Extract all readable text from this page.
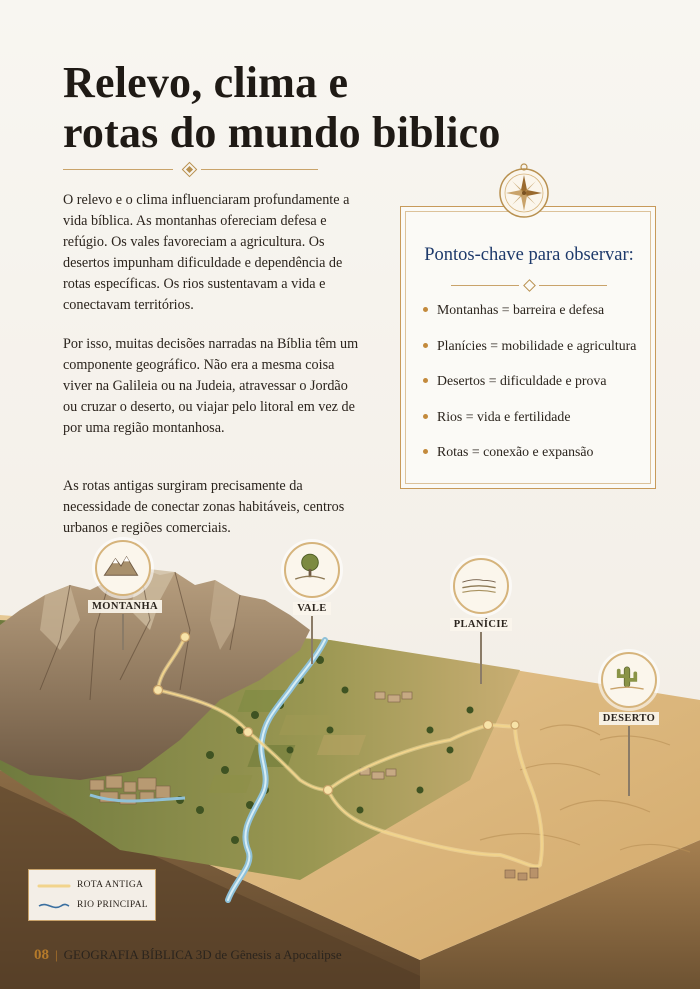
Relevo, clima e
rotas do mundo biblico
O relevo e o clima influenciaram profundamente a vida bíblica. As montanhas ofereciam defesa e refúgio. Os vales favoreciam a agricultura. Os desertos impunham dificuldade e dependência de rotas específicas. Os rios sustentavam a vida e conectavam territórios.
Por isso, muitas decisões narradas na Bíblia têm um componente geográfico. Não era a mesma coisa viver na Galileia ou na Judeia, atravessar o Jordão ou cruzar o deserto, ou viajar pelo litoral em vez de por uma região montanhosa.
As rotas antigas surgiram precisamente da necessidade de conectar zonas habitáveis, centros urbanos e regiões comerciais.
Pontos-chave para observar:
Montanhas = barreira e defesa
Planícies = mobilidade e agricultura
Desertos = dificuldade e prova
Rios = vida e fertilidade
Rotas = conexão e expansão
MONTANHA	VALE
PLANÍCIE
DESERTO
ROTA ANTIGA
RIO PRINCIPAL
08 | GEOGRAFIA BÍBLICA 3D de Gênesis a Apocalipse
